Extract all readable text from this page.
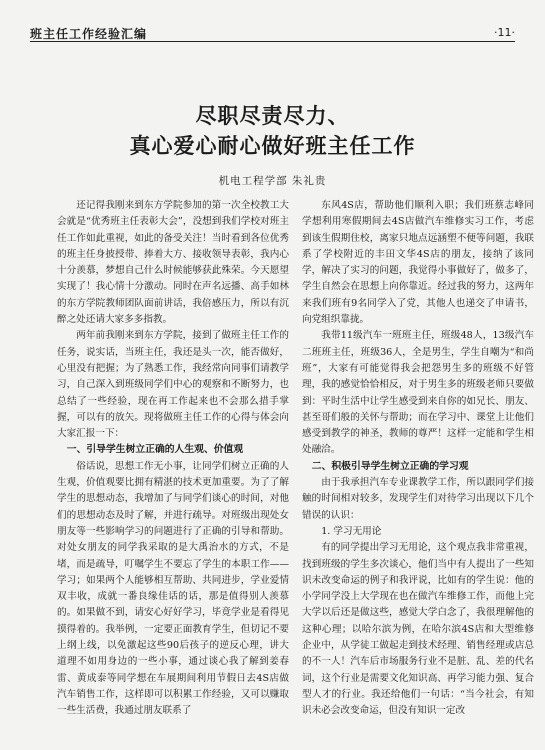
班主任工作经验汇编	·11·
尽职尽责尽力、
真心爱心耐心做好班主任工作
机电工程学部 朱礼贵

还记得我刚来到东方学院参加的第一次全校教工大会就是“优秀班主任表彰大会”，没想到我们学校对班主任工作如此重视，如此的备受关注！当时看到各位优秀的班主任身披授带、捧着大方、接收领导表彰，我内心十分羡慕，梦想自己什么时候能够获此殊荣。今天愿望实现了！我心情十分激动。同时在声名远播、高手如林的东方学院教师团队面前讲话，我倍感压力，所以有沉醉之处还请大家多多指教。

两年前我刚来到东方学院，接到了做班主任工作的任务，说实话，当班主任，我还是头一次，能否做好，心里没有把握；为了熟悉工作，我经常向同事们请教学习，自己深入到班级同学们中心的观察和不断努力，也总结了一些经验，现在再工作起来也不会那么措手掌握，可以有的放矢。现将做班主任工作的心得与体会向大家汇报一下：

一、引导学生树立正确的人生观、价值观

俗话说，思想工作无小事，让同学们树立正确的人生观，价值观要比拥有精湛的技术更加重要。为了了解学生的思想动态，我增加了与同学们谈心的时间，对他们的思想动态及时了解，并进行疏导。对班级出现处女朋友等一些影响学习的问题进行了正确的引导和帮助。对处女朋友的同学我采取的是大禹治水的方式，不是堵，而是疏导，叮嘱学生不要忘了学生的本职工作——学习；如果两个人能够相互帮助、共同进步，学业爱情双丰收，成就一番良缘佳话的话，那是值得别人羡慕的。如果做不到，请安心好好学习，毕竟学业是看得见摸得着的。我举例，一定要正面教育学生，但切记不要上纲上线，以免激起这些90后孩子的逆反心理，讲大道理不如用身边的一些小事，通过谈心我了解到姜春雷、黄成泰等同学想在车展期间利用节假日去4S店做汽车销售工作，这样即可以积累工作经验，又可以赚取一些生活费，我通过朋友联系了

东风4S店，帮助他们顺利入职；我们班蔡志峰同学想利用寒假期间去4S店做汽车维修实习工作，考虑到该生假期住校，离家只地点远涵塑不便等问题，我联系了学校附近的丰田文华4S店的朋友，接纳了该同学，解决了实习的问题，我觉得小事做好了，做多了，学生自然会在思想上向你靠近。经过我的努力，这两年来我们班有9名同学入了党，其他人也递交了申请书，向党组织靠拢。

我带11级汽车一班班主任，班级48人，13级汽车二班班主任，班级36人，全是男生，学生自嘲为“和尚班”，大家有可能觉得我会把怨男生多的班级不好管理，我的感觉恰恰相反，对于男生多的班级老师只要做到：平时生活中让学生感受到来自你的如兄长、朋友、甚至哥们般的关怀与帮助；而在学习中、课堂上让他们感受到教学的神圣，教师的尊严！这样一定能和学生相处融洽。

二、积极引导学生树立正确的学习观

由于我承担汽车专业课教学工作，所以跟同学们接触的时间相对较多，发现学生们对待学习出现以下几个错误的认识：

1. 学习无用论

有的同学提出学习无用论，这个观点我非常重视，找到班级的学生多次谈心，他们当中有人提出了一些知识未改变命运的例子和我评说，比如有的学生说：他的小学同学没上大学现在也在做汽车维修工作，而他上完大学以后还是做这些，感觉大学白念了，我很理解他的这种心理；以哈尔滨为例，在哈尔滨4S店和大型维修企业中，从学徒工做起走到技术经理、销售经理或店总的不一人！汽车后市场服务行业不是脏、乱、差的代名词，这个行业是需要文化知识高、再学习能力强、复合型人才的行业。我还给他们一句话：“当今社会，有知识未必会改变命运，但没有知识一定改
